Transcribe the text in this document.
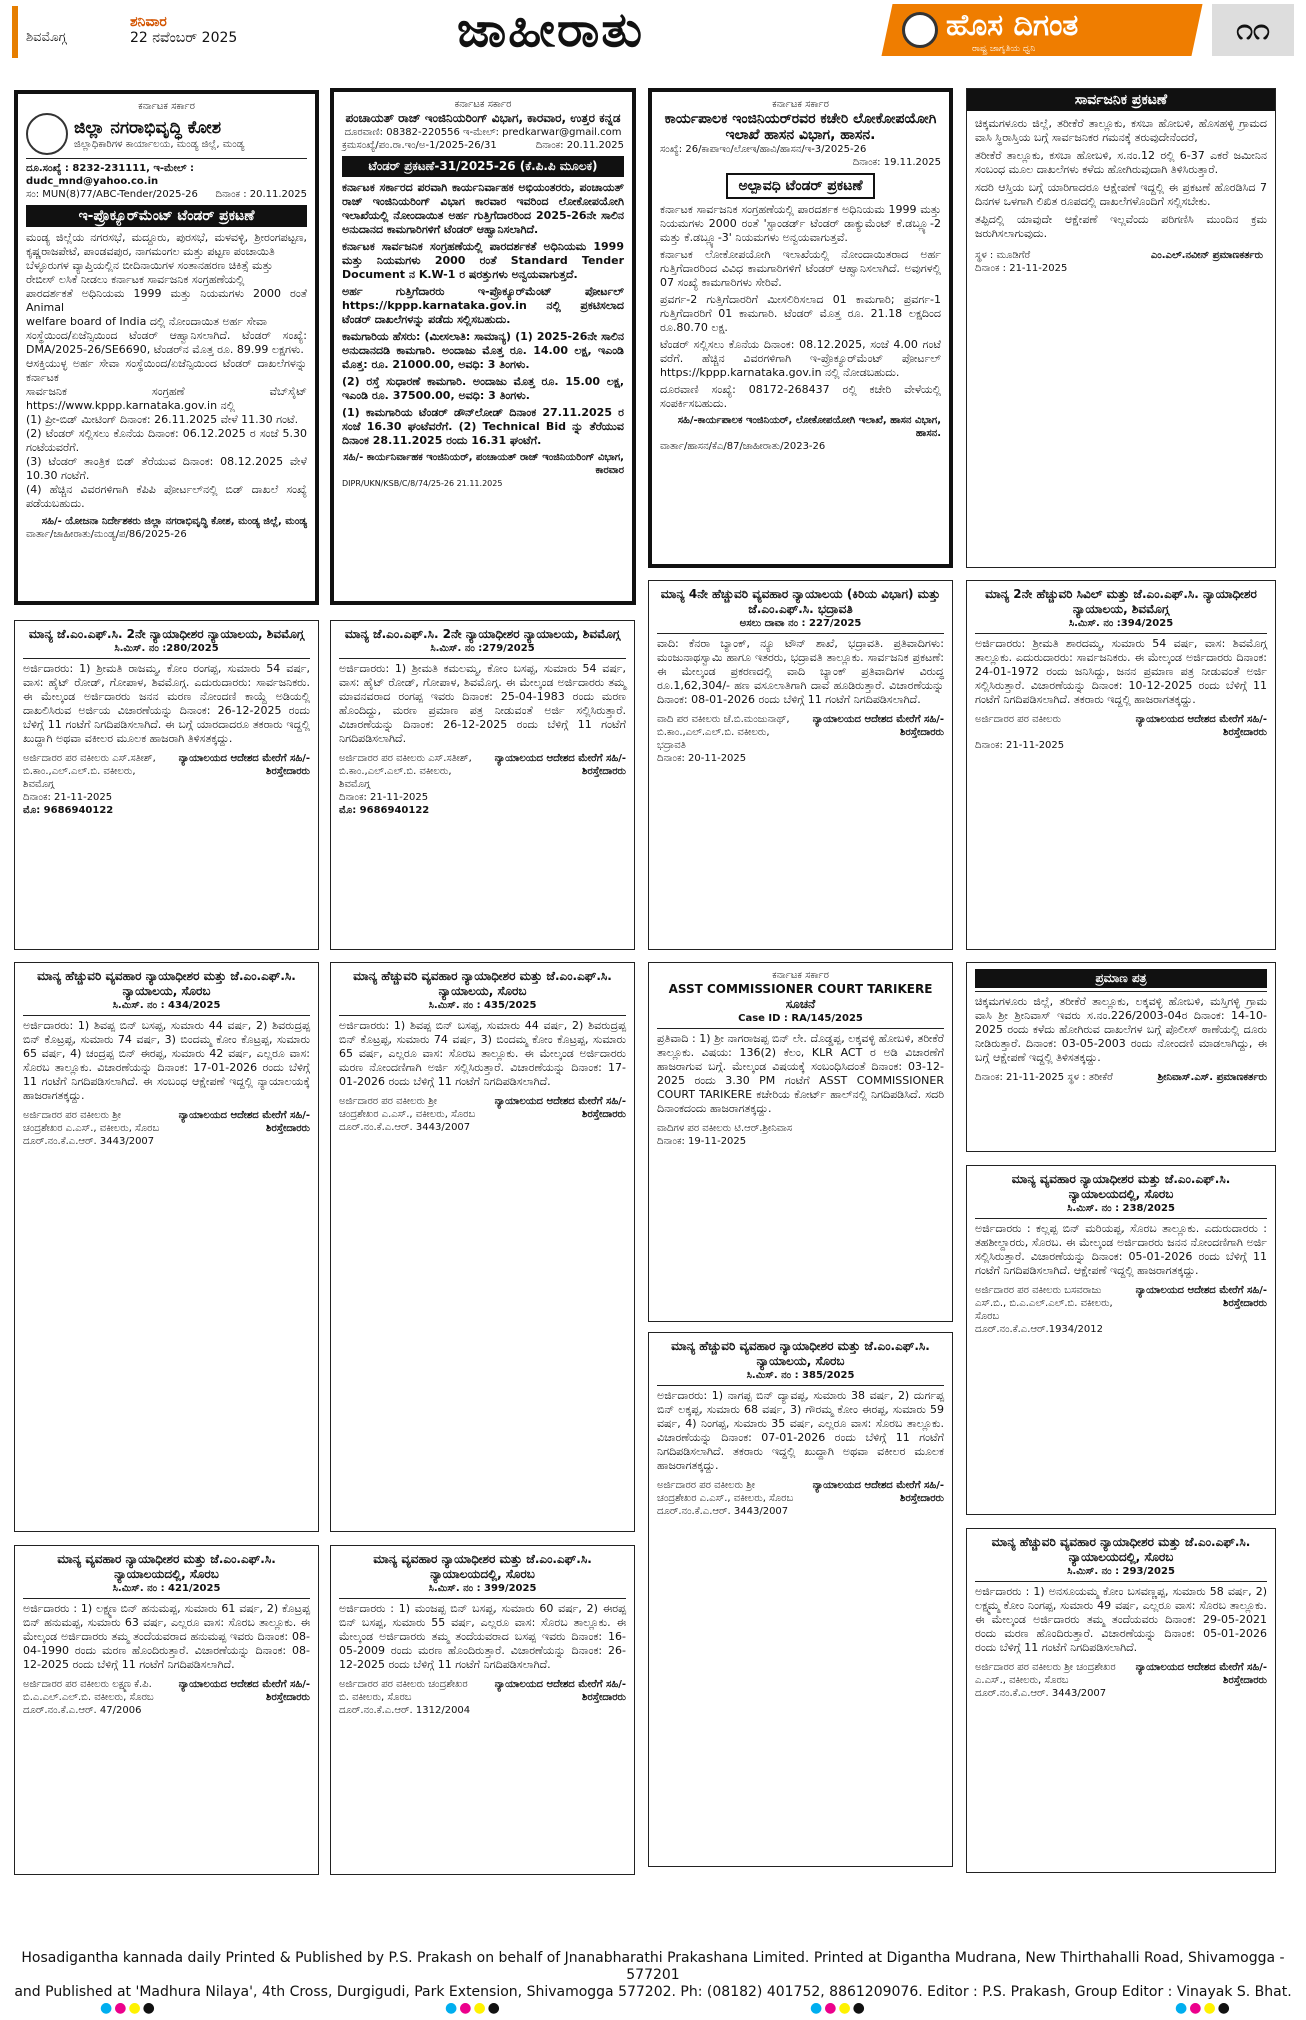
ಶಿವಮೊಗ್ಗ
ಶನಿವಾರ
22 ನವೆಂಬರ್ 2025	ಜಾಹೀರಾತು	ಹೊಸ ದಿಗಂತ
ರಾಷ್ಟ್ರ ಜಾಗೃತಿಯ ಧ್ವನಿ
೧೧
ಕರ್ನಾಟಕ ಸರ್ಕಾರ
ಜಿಲ್ಲಾ ನಗರಾಭಿವೃದ್ಧಿ ಕೋಶ
ಜಿಲ್ಲಾಧಿಕಾರಿಗಳ ಕಾರ್ಯಾಲಯ, ಮಂಡ್ಯ ಜಿಲ್ಲೆ, ಮಂಡ್ಯ
ದೂ.ಸಂಖ್ಯೆ : 8232-231111, ಇ-ಮೇಲ್ : dudc_mnd@yahoo.co.in
ಸಂ: MUN(8)77/ABC-Tender/2025-26 ದಿನಾಂಕ : 20.11.2025
ಇ-ಪ್ರೊಕ್ಯೂರ್‌ಮೆಂಟ್ ಟೆಂಡರ್ ಪ್ರಕಟಣೆ
ಮಂಡ್ಯ ಜಿಲ್ಲೆಯ ನಗರಸಭೆ, ಮದ್ದೂರು, ಪುರಸಭೆ, ಮಳವಳ್ಳಿ, ಶ್ರೀರಂಗಪಟ್ಟಣ, ಕೃಷ್ಣರಾಜಪೇಟೆ, ಪಾಂಡವಪುರ, ನಾಗಮಂಗಲ ಮತ್ತು ಪಟ್ಟಣ ಪಂಚಾಯಿತಿ
ಬೆಳ್ಳೂರುಗಳ ವ್ಯಾಪ್ತಿಯಲ್ಲಿನ ಬೀದಿನಾಯಿಗಳ ಸಂತಾನಹರಣ ಚಿಕಿತ್ಸೆ ಮತ್ತು
ರೇಬೀಸ್ ಲಸಿಕೆ ನೀಡಲು ಕರ್ನಾಟಕ ಸಾರ್ವಜನಿಕ ಸಂಗ್ರಹಣೆಯಲ್ಲಿ
ಪಾರದರ್ಶಕತೆ ಅಧಿನಿಯಮ 1999 ಮತ್ತು ನಿಯಮಗಳು 2000 ರಂತೆ Animal
welfare board of India ದಲ್ಲಿ ನೋಂದಾಯಿತ ಅರ್ಹ ಸೇವಾ
ಸಂಸ್ಥೆಯಿಂದ/ಏಜೆನ್ಸಿಯಿಂದ ಟೆಂಡರ್ ಆಹ್ವಾನಿಸಲಾಗಿದೆ. ಟೆಂಡರ್ ಸಂಖ್ಯೆ: DMA/2025-26/SE6690, ಟೆಂಡರ್‌ನ ಮೊತ್ತ ರೂ. 89.99 ಲಕ್ಷಗಳು.
ಆಸಕ್ತಿಯುಳ್ಳ ಅರ್ಹ ಸೇವಾ ಸಂಸ್ಥೆಯಿಂದ/ಏಜೆನ್ಸಿಯಿಂದ ಟೆಂಡರ್ ದಾಖಲೆಗಳನ್ನು ಕರ್ನಾಟಕ
ಸಾರ್ವಜನಿಕ ಸಂಗ್ರಹಣೆ ವೆಬ್‌ಸೈಟ್ https://www.kppp.karnataka.gov.in ನಲ್ಲಿ
(1) ಪ್ರೀ-ಬಿಡ್ ಮೀಟಿಂಗ್ ದಿನಾಂಕ: 26.11.2025 ವೇಳೆ 11.30 ಗಂಟೆ.
(2) ಟೆಂಡರ್ ಸಲ್ಲಿಸಲು ಕೊನೆಯ ದಿನಾಂಕ: 06.12.2025 ರ ಸಂಜೆ 5.30 ಗಂಟೆಯವರೆಗೆ.
(3) ಟೆಂಡರ್ ತಾಂತ್ರಿಕ ಬಿಡ್ ತೆರೆಯುವ ದಿನಾಂಕ: 08.12.2025 ವೇಳೆ 10.30 ಗಂಟೆಗೆ.
(4) ಹೆಚ್ಚಿನ ವಿವರಗಳಿಗಾಗಿ ಕೆಪಿಪಿ ಪೋರ್ಟಲ್‌ನಲ್ಲಿ ಬಿಡ್ ದಾಖಲೆ ಸಂಖ್ಯೆ ಪಡೆಯಬಹುದು.
ಸಹಿ/- ಯೋಜನಾ ನಿರ್ದೇಶಕರು ಜಿಲ್ಲಾ ನಗರಾಭಿವೃದ್ಧಿ ಕೋಶ, ಮಂಡ್ಯ ಜಿಲ್ಲೆ, ಮಂಡ್ಯ
ವಾರ್ತಾ/ಜಾಹೀರಾತು/ಮಂಡ್ಯ/ಪ/86/2025-26
ಕರ್ನಾಟಕ ಸರ್ಕಾರ
ಪಂಚಾಯತ್ ರಾಜ್ ಇಂಜಿನಿಯರಿಂಗ್ ವಿಭಾಗ, ಕಾರವಾರ, ಉತ್ತರ ಕನ್ನಡ
ದೂರವಾಣಿ: 08382-220556 ಇ-ಮೇಲ್: predkarwar@gmail.com
ಕ್ರಮಸಂಖ್ಯೆ/ಪಂ.ರಾ.ಇಂ/ಅ-1/2025-26/31	ದಿನಾಂಕ: 20.11.2025
ಟೆಂಡರ್ ಪ್ರಕಟಣೆ-31/2025-26 (ಕೆ.ಪಿ.ಪಿ ಮೂಲಕ)

ಕರ್ನಾಟಕ ಸರ್ಕಾರದ ಪರವಾಗಿ ಕಾರ್ಯನಿರ್ವಾಹಕ ಅಭಿಯಂತರರು, ಪಂಚಾಯತ್ ರಾಜ್ ಇಂಜಿನಿಯರಿಂಗ್ ವಿಭಾಗ ಕಾರವಾರ ಇವರಿಂದ ಲೋಕೋಪಯೋಗಿ ಇಲಾಖೆಯಲ್ಲಿ ನೋಂದಾಯಿತ ಅರ್ಹ ಗುತ್ತಿಗೆದಾರರಿಂದ 2025-26ನೇ ಸಾಲಿನ ಅನುದಾನದ ಕಾಮಗಾರಿಗಳಿಗೆ ಟೆಂಡರ್ ಆಹ್ವಾನಿಸಲಾಗಿದೆ.

ಕರ್ನಾಟಕ ಸಾರ್ವಜನಿಕ ಸಂಗ್ರಹಣೆಯಲ್ಲಿ ಪಾರದರ್ಶಕತೆ ಅಧಿನಿಯಮ 1999 ಮತ್ತು ನಿಯಮಗಳು 2000 ರಂತೆ Standard Tender Document ನ K.W-1 ರ ಷರತ್ತುಗಳು ಅನ್ವಯವಾಗುತ್ತದೆ.

ಅರ್ಹ ಗುತ್ತಿಗೆದಾರರು ಇ-ಪ್ರೊಕ್ಯೂರ್‌ಮೆಂಟ್ ಪೋರ್ಟಲ್ https://kppp.karnataka.gov.in ನಲ್ಲಿ ಪ್ರಕಟಿಸಲಾದ ಟೆಂಡರ್ ದಾಖಲೆಗಳನ್ನು ಪಡೆದು ಸಲ್ಲಿಸಬಹುದು.

ಕಾಮಗಾರಿಯ ಹೆಸರು: (ಮೀಸಲಾತಿ: ಸಾಮಾನ್ಯ) (1) 2025-26ನೇ ಸಾಲಿನ ಅನುದಾನದಡಿ ಕಾಮಗಾರಿ. ಅಂದಾಜು ಮೊತ್ತ ರೂ. 14.00 ಲಕ್ಷ, ಇಎಂಡಿ ಮೊತ್ತ: ರೂ. 21000.00, ಅವಧಿ: 3 ತಿಂಗಳು.

(2) ರಸ್ತೆ ಸುಧಾರಣೆ ಕಾಮಗಾರಿ. ಅಂದಾಜು ಮೊತ್ತ ರೂ. 15.00 ಲಕ್ಷ, ಇಎಂಡಿ ರೂ. 37500.00, ಅವಧಿ: 3 ತಿಂಗಳು.

(1) ಕಾಮಗಾರಿಯ ಟೆಂಡರ್ ಡೌನ್‌ಲೋಡ್ ದಿನಾಂಕ 27.11.2025 ರ ಸಂಜೆ 16.30 ಘಂಟೆವರೆಗೆ. (2) Technical Bid ನ್ನು ತೆರೆಯುವ ದಿನಾಂಕ 28.11.2025 ರಂದು 16.31 ಘಂಟೆಗೆ.

ಸಹಿ/- ಕಾರ್ಯನಿರ್ವಾಹಕ ಇಂಜಿನಿಯರ್, ಪಂಚಾಯತ್ ರಾಜ್ ಇಂಜಿನಿಯರಿಂಗ್ ವಿಭಾಗ, ಕಾರವಾರ
DIPR/UKN/KSB/C/8/74/25-26 21.11.2025
ಕರ್ನಾಟಕ ಸರ್ಕಾರ
ಕಾರ್ಯಪಾಲಕ ಇಂಜಿನಿಯರ್‌ರವರ ಕಚೇರಿ ಲೋಕೋಪಯೋಗಿ ಇಲಾಖೆ ಹಾಸನ ವಿಭಾಗ, ಹಾಸನ.
ಸಂಖ್ಯೆ: 26/ಕಾಪಾಇಂ/ಲೋಇ/ಹಾವಿ/ಹಾಸನ/ಇ-3/2025-26
ದಿನಾಂಕ: 19.11.2025
ಅಲ್ಪಾವಧಿ ಟೆಂಡರ್ ಪ್ರಕಟಣೆ

ಕರ್ನಾಟಕ ಸಾರ್ವಜನಿಕ ಸಂಗ್ರಹಣೆಯಲ್ಲಿ ಪಾರದರ್ಶಕ ಅಧಿನಿಯಮ 1999 ಮತ್ತು ನಿಯಮಗಳು 2000 ರಂತೆ 'ಸ್ಟಾಂಡರ್ಡ್ ಟೆಂಡರ್ ಡಾಕ್ಯುಮೆಂಟ್ ಕೆ.ಡಬ್ಲ್ಯೂ-2 ಮತ್ತು ಕೆ.ಡಬ್ಲ್ಯೂ-3' ನಿಯಮಗಳು ಅನ್ವಯವಾಗುತ್ತವೆ.

ಕರ್ನಾಟಕ ಲೋಕೋಪಯೋಗಿ ಇಲಾಖೆಯಲ್ಲಿ ನೋಂದಾಯಿತರಾದ ಅರ್ಹ ಗುತ್ತಿಗೆದಾರರಿಂದ ವಿವಿಧ ಕಾಮಗಾರಿಗಳಿಗೆ ಟೆಂಡರ್ ಆಹ್ವಾನಿಸಲಾಗಿದೆ. ಅವುಗಳಲ್ಲಿ 07 ಸಂಖ್ಯೆ ಕಾಮಗಾರಿಗಳು ಸೇರಿವೆ.

ಪ್ರವರ್ಗ-2 ಗುತ್ತಿಗೆದಾರರಿಗೆ ಮೀಸಲಿರಿಸಲಾದ 01 ಕಾಮಗಾರಿ; ಪ್ರವರ್ಗ-1 ಗುತ್ತಿಗೆದಾರರಿಗೆ 01 ಕಾಮಗಾರಿ. ಟೆಂಡರ್ ಮೊತ್ತ ರೂ. 21.18 ಲಕ್ಷದಿಂದ ರೂ.80.70 ಲಕ್ಷ.

ಟೆಂಡರ್ ಸಲ್ಲಿಸಲು ಕೊನೆಯ ದಿನಾಂಕ: 08.12.2025, ಸಂಜೆ 4.00 ಗಂಟೆ ವರೆಗೆ. ಹೆಚ್ಚಿನ ವಿವರಗಳಿಗಾಗಿ ಇ-ಪ್ರೊಕ್ಯೂರ್‌ಮೆಂಟ್ ಪೋರ್ಟಲ್ https://kppp.karnataka.gov.in ನಲ್ಲಿ ನೋಡಬಹುದು.

ದೂರವಾಣಿ ಸಂಖ್ಯೆ: 08172-268437 ರಲ್ಲಿ ಕಚೇರಿ ವೇಳೆಯಲ್ಲಿ ಸಂಪರ್ಕಿಸಬಹುದು.

ಸಹಿ/-ಕಾರ್ಯಪಾಲಕ ಇಂಜಿನಿಯರ್, ಲೋಕೋಪಯೋಗಿ ಇಲಾಖೆ, ಹಾಸನ ವಿಭಾಗ, ಹಾಸನ.
ವಾರ್ತಾ/ಹಾಸನ/ಕೆಎ/87/ಜಾಹೀರಾತು/2023-26
ಸಾರ್ವಜನಿಕ ಪ್ರಕಟಣೆ

ಚಿಕ್ಕಮಗಳೂರು ಜಿಲ್ಲೆ, ತರೀಕೆರೆ ತಾಲ್ಲೂಕು, ಕಸಬಾ ಹೋಬಳಿ, ಹೊಸಹಳ್ಳಿ ಗ್ರಾಮದ ವಾಸಿ ಸ್ಥಿರಾಸ್ತಿಯ ಬಗ್ಗೆ ಸಾರ್ವಜನಿಕರ ಗಮನಕ್ಕೆ ತರುವುದೇನೆಂದರೆ,

ತರೀಕೆರೆ ತಾಲ್ಲೂಕು, ಕಸಬಾ ಹೋಬಳಿ, ಸ.ನಂ.12 ರಲ್ಲಿ 6-37 ಎಕರೆ ಜಮೀನಿನ ಸಂಬಂಧ ಮೂಲ ದಾಖಲೆಗಳು ಕಳೆದು ಹೋಗಿರುವುದಾಗಿ ತಿಳಿಸಿರುತ್ತಾರೆ.

ಸದರಿ ಆಸ್ತಿಯ ಬಗ್ಗೆ ಯಾರಿಗಾದರೂ ಆಕ್ಷೇಪಣೆ ಇದ್ದಲ್ಲಿ ಈ ಪ್ರಕಟಣೆ ಹೊರಡಿಸಿದ 7 ದಿನಗಳ ಒಳಗಾಗಿ ಲಿಖಿತ ರೂಪದಲ್ಲಿ ದಾಖಲೆಗಳೊಂದಿಗೆ ಸಲ್ಲಿಸಬೇಕು.

ತಪ್ಪಿದಲ್ಲಿ ಯಾವುದೇ ಆಕ್ಷೇಪಣೆ ಇಲ್ಲವೆಂದು ಪರಿಗಣಿಸಿ ಮುಂದಿನ ಕ್ರಮ ಜರುಗಿಸಲಾಗುವುದು.

ಸ್ಥಳ : ಮೂಡಿಗೆರೆ
ದಿನಾಂಕ : 21-11-2025
ಎಂ.ಎಲ್.ನವೀನ್ ಪ್ರಮಾಣಕರ್ತರು
ಮಾನ್ಯ ಜೆ.ಎಂ.ಎಫ್.ಸಿ. 2ನೇ ನ್ಯಾಯಾಧೀಶರ ನ್ಯಾಯಾಲಯ, ಶಿವಮೊಗ್ಗ
ಸಿ.ಮಿಸ್. ನಂ :280/2025
ಅರ್ಜಿದಾರರು: 1) ಶ್ರೀಮತಿ ರಾಜಮ್ಮ, ಕೋಂ ರಂಗಪ್ಪ, ಸುಮಾರು 54 ವರ್ಷ, ವಾಸ: ಹೈಟ್ ರೋಡ್, ಗೋಪಾಳ, ಶಿವಮೊಗ್ಗ. ಎದುರುದಾರರು: ಸಾರ್ವಜನಿಕರು. ಈ ಮೇಲ್ಕಂಡ ಅರ್ಜಿದಾರರು ಜನನ ಮರಣ ನೋಂದಣಿ ಕಾಯ್ದೆ ಅಡಿಯಲ್ಲಿ ದಾಖಲಿಸಿರುವ ಅರ್ಜಿಯ ವಿಚಾರಣೆಯನ್ನು ದಿನಾಂಕ: 26-12-2025 ರಂದು ಬೆಳಿಗ್ಗೆ 11 ಗಂಟೆಗೆ ನಿಗದಿಪಡಿಸಲಾಗಿದೆ. ಈ ಬಗ್ಗೆ ಯಾರದಾದರೂ ತಕರಾರು ಇದ್ದಲ್ಲಿ ಖುದ್ದಾಗಿ ಅಥವಾ ವಕೀಲರ ಮೂಲಕ ಹಾಜರಾಗಿ ತಿಳಿಸತಕ್ಕದ್ದು.
ಅರ್ಜಿದಾರರ ಪರ ವಕೀಲರು ಎಸ್.ಸತೀಶ್, ಬಿ.ಕಾಂ.,ಎಲ್.ಎಲ್.ಬಿ. ವಕೀಲರು, ಶಿವಮೊಗ್ಗ
ನ್ಯಾಯಾಲಯದ ಆದೇಶದ ಮೇರೆಗೆ ಸಹಿ/- ಶಿರಸ್ತೇದಾರರು
ದಿನಾಂಕ: 21-11-2025
ಮೊ: 9686940122
ಮಾನ್ಯ ಜೆ.ಎಂ.ಎಫ್.ಸಿ. 2ನೇ ನ್ಯಾಯಾಧೀಶರ ನ್ಯಾಯಾಲಯ, ಶಿವಮೊಗ್ಗ
ಸಿ.ಮಿಸ್. ನಂ :279/2025
ಅರ್ಜಿದಾರರು: 1) ಶ್ರೀಮತಿ ಕಮಲಮ್ಮ, ಕೋಂ ಬಸಪ್ಪ, ಸುಮಾರು 54 ವರ್ಷ, ವಾಸ: ಹೈಟ್ ರೋಡ್, ಗೋಪಾಳ, ಶಿವಮೊಗ್ಗ. ಈ ಮೇಲ್ಕಂಡ ಅರ್ಜಿದಾರರು ತಮ್ಮ ಮಾವನವರಾದ ರಂಗಪ್ಪ ಇವರು ದಿನಾಂಕ: 25-04-1983 ರಂದು ಮರಣ ಹೊಂದಿದ್ದು, ಮರಣ ಪ್ರಮಾಣ ಪತ್ರ ನೀಡುವಂತೆ ಅರ್ಜಿ ಸಲ್ಲಿಸಿರುತ್ತಾರೆ. ವಿಚಾರಣೆಯನ್ನು ದಿನಾಂಕ: 26-12-2025 ರಂದು ಬೆಳಿಗ್ಗೆ 11 ಗಂಟೆಗೆ ನಿಗದಿಪಡಿಸಲಾಗಿದೆ.
ಅರ್ಜಿದಾರರ ಪರ ವಕೀಲರು ಎಸ್.ಸತೀಶ್, ಬಿ.ಕಾಂ.,ಎಲ್.ಎಲ್.ಬಿ. ವಕೀಲರು, ಶಿವಮೊಗ್ಗ
ನ್ಯಾಯಾಲಯದ ಆದೇಶದ ಮೇರೆಗೆ ಸಹಿ/- ಶಿರಸ್ತೇದಾರರು
ದಿನಾಂಕ: 21-11-2025
ಮೊ: 9686940122
ಮಾನ್ಯ 4ನೇ ಹೆಚ್ಚುವರಿ ವ್ಯವಹಾರ ನ್ಯಾಯಾಲಯ (ಕಿರಿಯ ವಿಭಾಗ) ಮತ್ತು ಜೆ.ಎಂ.ಎಫ್.ಸಿ. ಭದ್ರಾವತಿ
ಅಸಲು ದಾವಾ ನಂ : 227/2025
ವಾದಿ: ಕೆನರಾ ಬ್ಯಾಂಕ್, ನ್ಯೂ ಟೌನ್ ಶಾಖೆ, ಭದ್ರಾವತಿ. ಪ್ರತಿವಾದಿಗಳು: ಮಂಜುನಾಥಸ್ವಾಮಿ ಹಾಗೂ ಇತರರು, ಭದ್ರಾವತಿ ತಾಲ್ಲೂಕು. ಸಾರ್ವಜನಿಕ ಪ್ರಕಟಣೆ: ಈ ಮೇಲ್ಕಂಡ ಪ್ರಕರಣದಲ್ಲಿ ವಾದಿ ಬ್ಯಾಂಕ್ ಪ್ರತಿವಾದಿಗಳ ವಿರುದ್ಧ ರೂ.1,62,304/- ಹಣ ವಸೂಲಾತಿಗಾಗಿ ದಾವೆ ಹೂಡಿರುತ್ತಾರೆ. ವಿಚಾರಣೆಯನ್ನು ದಿನಾಂಕ: 08-01-2026 ರಂದು ಬೆಳಿಗ್ಗೆ 11 ಗಂಟೆಗೆ ನಿಗದಿಪಡಿಸಲಾಗಿದೆ.
ವಾದಿ ಪರ ವಕೀಲರು ಜೆ.ಬಿ.ಮಂಜುನಾಥ್, ಬಿ.ಕಾಂ.,ಎಲ್.ಎಲ್.ಬಿ. ವಕೀಲರು, ಭದ್ರಾವತಿ
ನ್ಯಾಯಾಲಯದ ಆದೇಶದ ಮೇರೆಗೆ ಸಹಿ/- ಶಿರಸ್ತೇದಾರರು
ದಿನಾಂಕ: 20-11-2025
ಮಾನ್ಯ 2ನೇ ಹೆಚ್ಚುವರಿ ಸಿವಿಲ್ ಮತ್ತು ಜೆ.ಎಂ.ಎಫ್.ಸಿ. ನ್ಯಾಯಾಧೀಶರ ನ್ಯಾಯಾಲಯ, ಶಿವಮೊಗ್ಗ
ಸಿ.ಮಿಸ್. ನಂ :394/2025
ಅರ್ಜಿದಾರರು: ಶ್ರೀಮತಿ ಶಾರದಮ್ಮ, ಸುಮಾರು 54 ವರ್ಷ, ವಾಸ: ಶಿವಮೊಗ್ಗ ತಾಲ್ಲೂಕು. ಎದುರುದಾರರು: ಸಾರ್ವಜನಿಕರು. ಈ ಮೇಲ್ಕಂಡ ಅರ್ಜಿದಾರರು ದಿನಾಂಕ: 24-01-1972 ರಂದು ಜನಿಸಿದ್ದು, ಜನನ ಪ್ರಮಾಣ ಪತ್ರ ನೀಡುವಂತೆ ಅರ್ಜಿ ಸಲ್ಲಿಸಿರುತ್ತಾರೆ. ವಿಚಾರಣೆಯನ್ನು ದಿನಾಂಕ: 10-12-2025 ರಂದು ಬೆಳಿಗ್ಗೆ 11 ಗಂಟೆಗೆ ನಿಗದಿಪಡಿಸಲಾಗಿದೆ. ತಕರಾರು ಇದ್ದಲ್ಲಿ ಹಾಜರಾಗತಕ್ಕದ್ದು.
ಅರ್ಜಿದಾರರ ಪರ ವಕೀಲರು	ನ್ಯಾಯಾಲಯದ ಆದೇಶದ ಮೇರೆಗೆ ಸಹಿ/- ಶಿರಸ್ತೇದಾರರು
ದಿನಾಂಕ: 21-11-2025
ಮಾನ್ಯ ಹೆಚ್ಚುವರಿ ವ್ಯವಹಾರ ನ್ಯಾಯಾಧೀಶರ ಮತ್ತು ಜೆ.ಎಂ.ಎಫ್.ಸಿ. ನ್ಯಾಯಾಲಯ, ಸೊರಬ
ಸಿ.ಮಿಸ್. ನಂ : 434/2025
ಅರ್ಜಿದಾರರು: 1) ಶಿವಪ್ಪ ಬಿನ್ ಬಸಪ್ಪ, ಸುಮಾರು 44 ವರ್ಷ, 2) ಶಿವರುದ್ರಪ್ಪ ಬಿನ್ ಕೊಟ್ರಪ್ಪ, ಸುಮಾರು 74 ವರ್ಷ, 3) ಬಿಂದಮ್ಮ ಕೋಂ ಕೊಟ್ರಪ್ಪ, ಸುಮಾರು 65 ವರ್ಷ, 4) ಚಂದ್ರಪ್ಪ ಬಿನ್ ಈರಪ್ಪ, ಸುಮಾರು 42 ವರ್ಷ, ಎಲ್ಲರೂ ವಾಸ: ಸೊರಬ ತಾಲ್ಲೂಕು. ವಿಚಾರಣೆಯನ್ನು ದಿನಾಂಕ: 17-01-2026 ರಂದು ಬೆಳಿಗ್ಗೆ 11 ಗಂಟೆಗೆ ನಿಗದಿಪಡಿಸಲಾಗಿದೆ. ಈ ಸಂಬಂಧ ಆಕ್ಷೇಪಣೆ ಇದ್ದಲ್ಲಿ ನ್ಯಾಯಾಲಯಕ್ಕೆ ಹಾಜರಾಗತಕ್ಕದ್ದು.
ಅರ್ಜಿದಾರರ ಪರ ವಕೀಲರು ಶ್ರೀ ಚಂದ್ರಶೇಖರ ಎ.ಎಸ್., ವಕೀಲರು, ಸೊರಬ
ನ್ಯಾಯಾಲಯದ ಆದೇಶದ ಮೇರೆಗೆ ಸಹಿ/- ಶಿರಸ್ತೇದಾರರು
ದೂರ್.ನಂ.ಕೆ.ಎ.ಆರ್. 3443/2007
ಮಾನ್ಯ ಹೆಚ್ಚುವರಿ ವ್ಯವಹಾರ ನ್ಯಾಯಾಧೀಶರ ಮತ್ತು ಜೆ.ಎಂ.ಎಫ್.ಸಿ. ನ್ಯಾಯಾಲಯ, ಸೊರಬ
ಸಿ.ಮಿಸ್. ನಂ : 435/2025
ಅರ್ಜಿದಾರರು: 1) ಶಿವಪ್ಪ ಬಿನ್ ಬಸಪ್ಪ, ಸುಮಾರು 44 ವರ್ಷ, 2) ಶಿವರುದ್ರಪ್ಪ ಬಿನ್ ಕೊಟ್ರಪ್ಪ, ಸುಮಾರು 74 ವರ್ಷ, 3) ಬಿಂದಮ್ಮ ಕೋಂ ಕೊಟ್ರಪ್ಪ, ಸುಮಾರು 65 ವರ್ಷ, ಎಲ್ಲರೂ ವಾಸ: ಸೊರಬ ತಾಲ್ಲೂಕು. ಈ ಮೇಲ್ಕಂಡ ಅರ್ಜಿದಾರರು ಮರಣ ನೋಂದಣಿಗಾಗಿ ಅರ್ಜಿ ಸಲ್ಲಿಸಿರುತ್ತಾರೆ. ವಿಚಾರಣೆಯನ್ನು ದಿನಾಂಕ: 17-01-2026 ರಂದು ಬೆಳಿಗ್ಗೆ 11 ಗಂಟೆಗೆ ನಿಗದಿಪಡಿಸಲಾಗಿದೆ.
ಅರ್ಜಿದಾರರ ಪರ ವಕೀಲರು ಶ್ರೀ ಚಂದ್ರಶೇಖರ ಎ.ಎಸ್., ವಕೀಲರು, ಸೊರಬ
ನ್ಯಾಯಾಲಯದ ಆದೇಶದ ಮೇರೆಗೆ ಸಹಿ/- ಶಿರಸ್ತೇದಾರರು
ದೂರ್.ನಂ.ಕೆ.ಎ.ಆರ್. 3443/2007
ಕರ್ನಾಟಕ ಸರ್ಕಾರ
ASST COMMISSIONER COURT TARIKERE
ಸೂಚನೆ
Case ID : RA/145/2025
ಪ್ರತಿವಾದಿ : 1) ಶ್ರೀ ನಾಗರಾಜಪ್ಪ ಬಿನ್ ಲೇ. ದೊಡ್ಡಪ್ಪ, ಲಕ್ಕವಳ್ಳಿ ಹೋಬಳಿ, ತರೀಕೆರೆ ತಾಲ್ಲೂಕು. ವಿಷಯ: 136(2) ಕೆಲಂ, KLR ACT ರ ಅಡಿ ವಿಚಾರಣೆಗೆ ಹಾಜರಾಗುವ ಬಗ್ಗೆ. ಮೇಲ್ಕಂಡ ವಿಷಯಕ್ಕೆ ಸಂಬಂಧಿಸಿದಂತೆ ದಿನಾಂಕ: 03-12-2025 ರಂದು 3.30 PM ಗಂಟೆಗೆ ASST COMMISSIONER COURT TARIKERE ಕಚೇರಿಯ ಕೋರ್ಟ್ ಹಾಲ್‌ನಲ್ಲಿ ನಿಗದಿಪಡಿಸಿದೆ. ಸದರಿ ದಿನಾಂಕದಂದು ಹಾಜರಾಗತಕ್ಕದ್ದು.
ವಾದಿಗಳ ಪರ ವಕೀಲರು ಟಿ.ಆರ್.ಶ್ರೀನಿವಾಸ
ದಿನಾಂಕ: 19-11-2025
ಪ್ರಮಾಣ ಪತ್ರ
ಚಿಕ್ಕಮಗಳೂರು ಜಿಲ್ಲೆ, ತರೀಕೆರೆ ತಾಲ್ಲೂಕು, ಲಕ್ಕವಳ್ಳಿ ಹೋಬಳಿ, ಮಸ್ತಿಗಳ್ಳಿ ಗ್ರಾಮ ವಾಸಿ ಶ್ರೀ ಶ್ರೀನಿವಾಸ್ ಇವರು ಸ.ನಂ.226/2003-04ರ ದಿನಾಂಕ: 14-10-2025 ರಂದು ಕಳೆದು ಹೋಗಿರುವ ದಾಖಲೆಗಳ ಬಗ್ಗೆ ಪೊಲೀಸ್ ಠಾಣೆಯಲ್ಲಿ ದೂರು ನೀಡಿರುತ್ತಾರೆ. ದಿನಾಂಕ: 03-05-2003 ರಂದು ನೋಂದಣಿ ಮಾಡಲಾಗಿದ್ದು, ಈ ಬಗ್ಗೆ ಆಕ್ಷೇಪಣೆ ಇದ್ದಲ್ಲಿ ತಿಳಿಸತಕ್ಕದ್ದು.
ದಿನಾಂಕ: 21-11-2025 ಸ್ಥಳ : ತರೀಕೆರೆ	ಶ್ರೀನಿವಾಸ್.ಎಸ್. ಪ್ರಮಾಣಕರ್ತರು
ಮಾನ್ಯ ಹೆಚ್ಚುವರಿ ವ್ಯವಹಾರ ನ್ಯಾಯಾಧೀಶರ ಮತ್ತು ಜೆ.ಎಂ.ಎಫ್.ಸಿ. ನ್ಯಾಯಾಲಯ, ಸೊರಬ
ಸಿ.ಮಿಸ್. ನಂ : 385/2025
ಅರ್ಜಿದಾರರು: 1) ನಾಗಪ್ಪ ಬಿನ್ ದ್ಯಾವಪ್ಪ, ಸುಮಾರು 38 ವರ್ಷ, 2) ದುರ್ಗಪ್ಪ ಬಿನ್ ಲಕ್ಕಪ್ಪ, ಸುಮಾರು 68 ವರ್ಷ, 3) ಗೌರಮ್ಮ ಕೋಂ ಈರಪ್ಪ, ಸುಮಾರು 59 ವರ್ಷ, 4) ನಿಂಗಪ್ಪ, ಸುಮಾರು 35 ವರ್ಷ, ಎಲ್ಲರೂ ವಾಸ: ಸೊರಬ ತಾಲ್ಲೂಕು. ವಿಚಾರಣೆಯನ್ನು ದಿನಾಂಕ: 07-01-2026 ರಂದು ಬೆಳಿಗ್ಗೆ 11 ಗಂಟೆಗೆ ನಿಗದಿಪಡಿಸಲಾಗಿದೆ. ತಕರಾರು ಇದ್ದಲ್ಲಿ ಖುದ್ದಾಗಿ ಅಥವಾ ವಕೀಲರ ಮೂಲಕ ಹಾಜರಾಗತಕ್ಕದ್ದು.
ಅರ್ಜಿದಾರರ ಪರ ವಕೀಲರು ಶ್ರೀ ಚಂದ್ರಶೇಖರ ಎ.ಎಸ್., ವಕೀಲರು, ಸೊರಬ
ನ್ಯಾಯಾಲಯದ ಆದೇಶದ ಮೇರೆಗೆ ಸಹಿ/- ಶಿರಸ್ತೇದಾರರು
ದೂರ್.ನಂ.ಕೆ.ಎ.ಆರ್. 3443/2007
ಮಾನ್ಯ ವ್ಯವಹಾರ ನ್ಯಾಯಾಧೀಶರ ಮತ್ತು ಜೆ.ಎಂ.ಎಫ್.ಸಿ. ನ್ಯಾಯಾಲಯದಲ್ಲಿ, ಸೊರಬ
ಸಿ.ಮಿಸ್. ನಂ : 238/2025
ಅರ್ಜಿದಾರರು : ಕಲ್ಲಪ್ಪ ಬಿನ್ ಮರಿಯಪ್ಪ, ಸೊರಬ ತಾಲ್ಲೂಕು. ಎದುರುದಾರರು : ತಹಶೀಲ್ದಾರರು, ಸೊರಬ. ಈ ಮೇಲ್ಕಂಡ ಅರ್ಜಿದಾರರು ಜನನ ನೋಂದಣಿಗಾಗಿ ಅರ್ಜಿ ಸಲ್ಲಿಸಿರುತ್ತಾರೆ. ವಿಚಾರಣೆಯನ್ನು ದಿನಾಂಕ: 05-01-2026 ರಂದು ಬೆಳಿಗ್ಗೆ 11 ಗಂಟೆಗೆ ನಿಗದಿಪಡಿಸಲಾಗಿದೆ. ಆಕ್ಷೇಪಣೆ ಇದ್ದಲ್ಲಿ ಹಾಜರಾಗತಕ್ಕದ್ದು.
ಅರ್ಜಿದಾರರ ಪರ ವಕೀಲರು ಬಸವರಾಜು ಎಸ್.ಬಿ., ಬಿ.ಎ.ಎಲ್.ಎಲ್.ಬಿ. ವಕೀಲರು, ಸೊರಬ
ನ್ಯಾಯಾಲಯದ ಆದೇಶದ ಮೇರೆಗೆ ಸಹಿ/- ಶಿರಸ್ತೇದಾರರು
ದೂರ್.ನಂ.ಕೆ.ಎ.ಆರ್.1934/2012
ಮಾನ್ಯ ವ್ಯವಹಾರ ನ್ಯಾಯಾಧೀಶರ ಮತ್ತು ಜೆ.ಎಂ.ಎಫ್.ಸಿ. ನ್ಯಾಯಾಲಯದಲ್ಲಿ, ಸೊರಬ
ಸಿ.ಮಿಸ್. ನಂ : 421/2025
ಅರ್ಜಿದಾರರು : 1) ಲಕ್ಷ್ಮಣ ಬಿನ್ ಹನುಮಪ್ಪ, ಸುಮಾರು 61 ವರ್ಷ, 2) ಕೊಟ್ರಪ್ಪ ಬಿನ್ ಹನುಮಪ್ಪ, ಸುಮಾರು 63 ವರ್ಷ, ಎಲ್ಲರೂ ವಾಸ: ಸೊರಬ ತಾಲ್ಲೂಕು. ಈ ಮೇಲ್ಕಂಡ ಅರ್ಜಿದಾರರು ತಮ್ಮ ತಂದೆಯವರಾದ ಹನುಮಪ್ಪ ಇವರು ದಿನಾಂಕ: 08-04-1990 ರಂದು ಮರಣ ಹೊಂದಿರುತ್ತಾರೆ. ವಿಚಾರಣೆಯನ್ನು ದಿನಾಂಕ: 08-12-2025 ರಂದು ಬೆಳಿಗ್ಗೆ 11 ಗಂಟೆಗೆ ನಿಗದಿಪಡಿಸಲಾಗಿದೆ.
ಅರ್ಜಿದಾರರ ಪರ ವಕೀಲರು ಲಕ್ಷ್ಮಣ ಕೆ.ಪಿ. ಬಿ.ಎ.ಎಲ್.ಎಲ್.ಬಿ. ವಕೀಲರು, ಸೊರಬ
ನ್ಯಾಯಾಲಯದ ಆದೇಶದ ಮೇರೆಗೆ ಸಹಿ/- ಶಿರಸ್ತೇದಾರರು
ದೂರ್.ನಂ.ಕೆ.ಎ.ಆರ್. 47/2006
ಮಾನ್ಯ ವ್ಯವಹಾರ ನ್ಯಾಯಾಧೀಶರ ಮತ್ತು ಜೆ.ಎಂ.ಎಫ್.ಸಿ. ನ್ಯಾಯಾಲಯದಲ್ಲಿ, ಸೊರಬ
ಸಿ.ಮಿಸ್. ನಂ : 399/2025
ಅರ್ಜಿದಾರರು : 1) ಮಂಜಪ್ಪ ಬಿನ್ ಬಸಪ್ಪ, ಸುಮಾರು 60 ವರ್ಷ, 2) ಈರಪ್ಪ ಬಿನ್ ಬಸಪ್ಪ, ಸುಮಾರು 55 ವರ್ಷ, ಎಲ್ಲರೂ ವಾಸ: ಸೊರಬ ತಾಲ್ಲೂಕು. ಈ ಮೇಲ್ಕಂಡ ಅರ್ಜಿದಾರರು ತಮ್ಮ ತಂದೆಯವರಾದ ಬಸಪ್ಪ ಇವರು ದಿನಾಂಕ: 16-05-2009 ರಂದು ಮರಣ ಹೊಂದಿರುತ್ತಾರೆ. ವಿಚಾರಣೆಯನ್ನು ದಿನಾಂಕ: 26-12-2025 ರಂದು ಬೆಳಿಗ್ಗೆ 11 ಗಂಟೆಗೆ ನಿಗದಿಪಡಿಸಲಾಗಿದೆ.
ಅರ್ಜಿದಾರರ ಪರ ವಕೀಲರು ಚಂದ್ರಶೇಖರ ಬಿ. ವಕೀಲರು, ಸೊರಬ
ನ್ಯಾಯಾಲಯದ ಆದೇಶದ ಮೇರೆಗೆ ಸಹಿ/- ಶಿರಸ್ತೇದಾರರು
ದೂರ್.ನಂ.ಕೆ.ಎ.ಆರ್. 1312/2004
ಮಾನ್ಯ ಹೆಚ್ಚುವರಿ ವ್ಯವಹಾರ ನ್ಯಾಯಾಧೀಶರ ಮತ್ತು ಜೆ.ಎಂ.ಎಫ್.ಸಿ. ನ್ಯಾಯಾಲಯದಲ್ಲಿ, ಸೊರಬ
ಸಿ.ಮಿಸ್. ನಂ : 293/2025
ಅರ್ಜಿದಾರರು : 1) ಅನಸೂಯಮ್ಮ ಕೋಂ ಬಸವಣ್ಣಪ್ಪ, ಸುಮಾರು 58 ವರ್ಷ, 2) ಲಕ್ಷ್ಮಮ್ಮ ಕೋಂ ನಿಂಗಪ್ಪ, ಸುಮಾರು 49 ವರ್ಷ, ಎಲ್ಲರೂ ವಾಸ: ಸೊರಬ ತಾಲ್ಲೂಕು. ಈ ಮೇಲ್ಕಂಡ ಅರ್ಜಿದಾರರು ತಮ್ಮ ತಂದೆಯವರು ದಿನಾಂಕ: 29-05-2021 ರಂದು ಮರಣ ಹೊಂದಿರುತ್ತಾರೆ. ವಿಚಾರಣೆಯನ್ನು ದಿನಾಂಕ: 05-01-2026 ರಂದು ಬೆಳಿಗ್ಗೆ 11 ಗಂಟೆಗೆ ನಿಗದಿಪಡಿಸಲಾಗಿದೆ.
ಅರ್ಜಿದಾರರ ಪರ ವಕೀಲರು ಶ್ರೀ ಚಂದ್ರಶೇಖರ ಎ.ಎಸ್., ವಕೀಲರು, ಸೊರಬ
ನ್ಯಾಯಾಲಯದ ಆದೇಶದ ಮೇರೆಗೆ ಸಹಿ/- ಶಿರಸ್ತೇದಾರರು
ದೂರ್.ನಂ.ಕೆ.ಎ.ಆರ್. 3443/2007
Hosadigantha kannada daily Printed & Published by P.S. Prakash on behalf of Jnanabharathi Prakashana Limited. Printed at Digantha Mudrana, New Thirthahalli Road, Shivamogga - 577201
and Published at 'Madhura Nilaya', 4th Cross, Durgigudi, Park Extension, Shivamogga 577202. Ph: (08182) 401752, 8861209076. Editor : P.S. Prakash, Group Editor : Vinayak S. Bhat.
●●●●	●●●●	●●●●	●●●●
